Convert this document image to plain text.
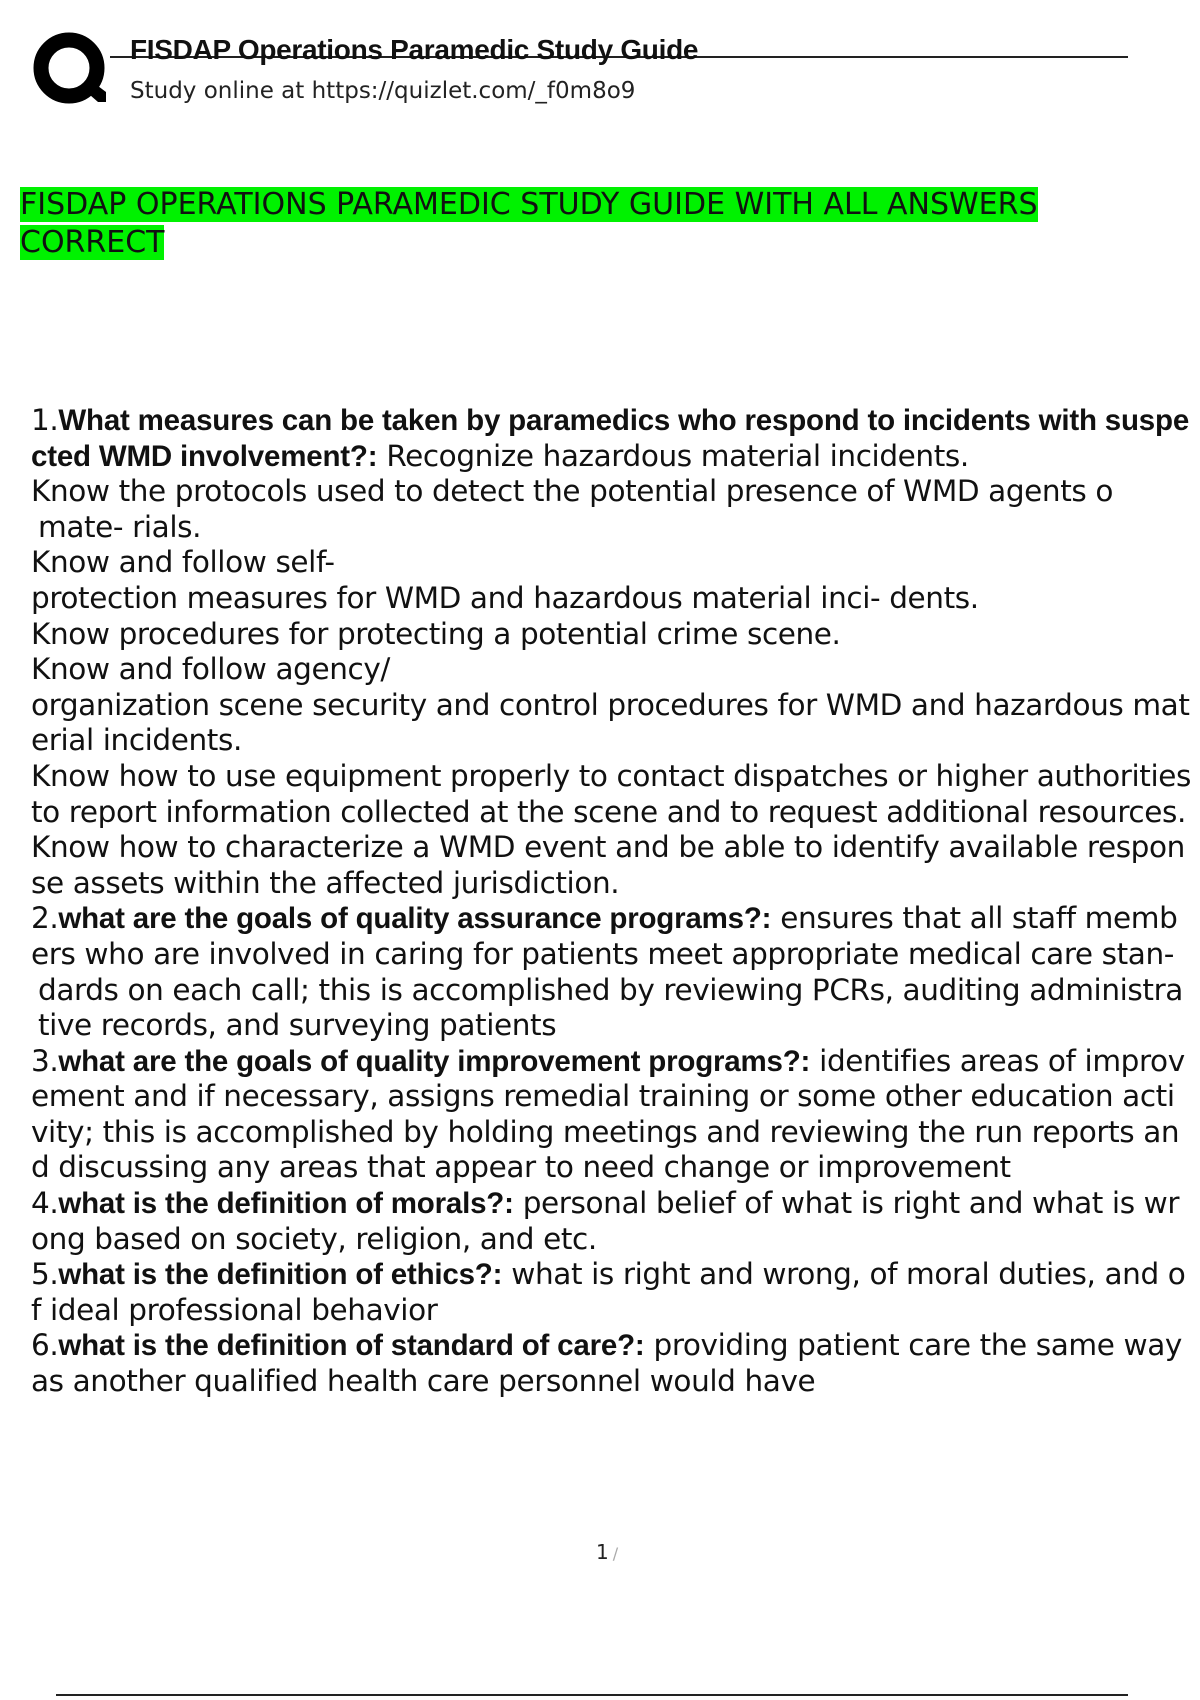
FISDAP Operations Paramedic Study Guide
Study online at https://quizlet.com/_f0m8o9
FISDAP OPERATIONS PARAMEDIC STUDY GUIDE WITH ALL ANSWERS
CORRECT
1.What measures can be taken by paramedics who respond to incidents with suspected WMD involvement?: Recognize hazardous material incidents.
Know the protocols used to detect the potential presence of WMD agents o
mate- rials.
Know and follow self-
protection measures for WMD and hazardous material inci- dents.
Know procedures for protecting a potential crime scene.
Know and follow agency/
organization scene security and control procedures for WMD and hazardous material incidents.
Know how to use equipment properly to contact dispatches or higher authorities to report information collected at the scene and to request additional resources.
Know how to characterize a WMD event and be able to identify available response assets within the affected jurisdiction.
2.what are the goals of quality assurance programs?: ensures that all staff members who are involved in caring for patients meet appropriate medical care stan-
dards on each call; this is accomplished by reviewing PCRs, auditing administrative records, and surveying patients
3.what are the goals of quality improvement programs?: identifies areas of improvement and if necessary, assigns remedial training or some other education activity; this is accomplished by holding meetings and reviewing the run reports and discussing any areas that appear to need change or improvement
4.what is the definition of morals?: personal belief of what is right and what is wrong based on society, religion, and etc.
5.what is the definition of ethics?: what is right and wrong, of moral duties, and of ideal professional behavior
6.what is the definition of standard of care?: providing patient care the same way as another qualified health care personnel would have
1 /
